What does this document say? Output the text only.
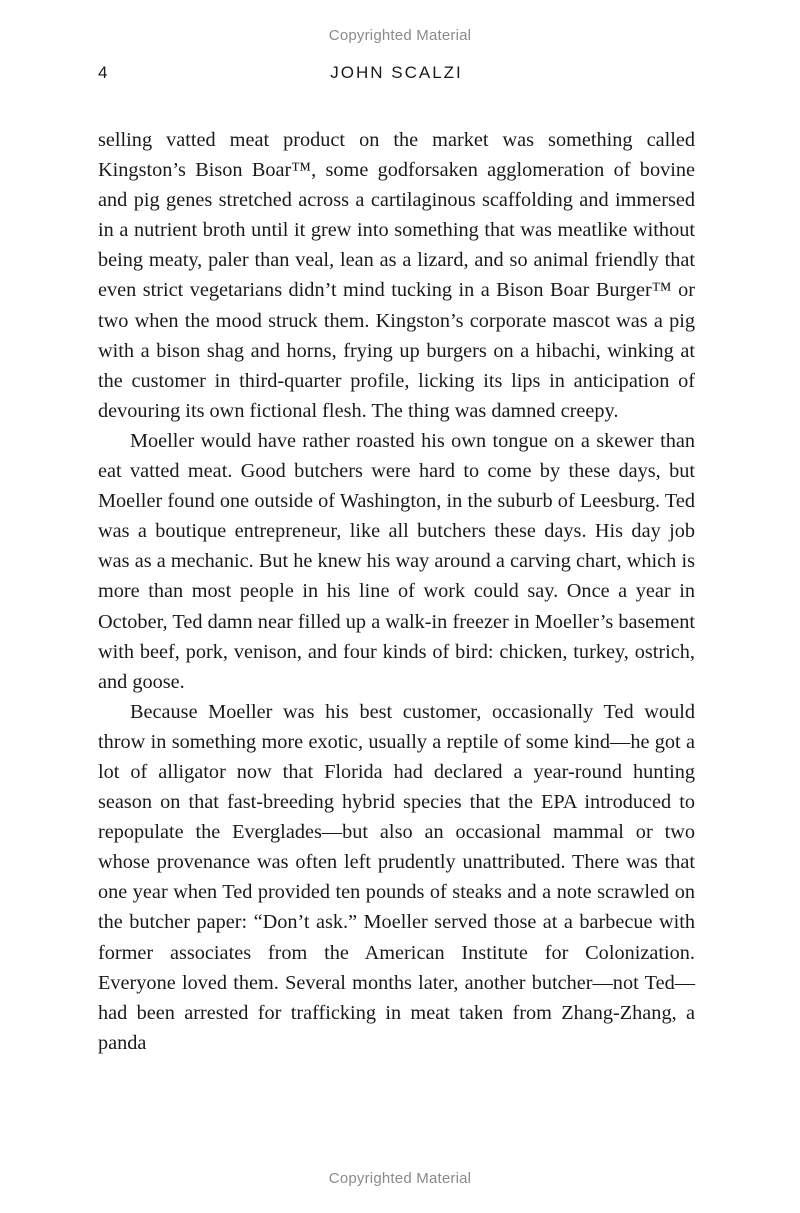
Copyrighted Material
4	JOHN SCALZI

selling vatted meat product on the market was something called Kingston’s Bison Boar™, some godforsaken agglomeration of bovine and pig genes stretched across a cartilaginous scaffolding and immersed in a nutrient broth until it grew into something that was meatlike without being meaty, paler than veal, lean as a lizard, and so animal friendly that even strict vegetarians didn’t mind tucking in a Bison Boar Burger™ or two when the mood struck them. Kingston’s corporate mascot was a pig with a bison shag and horns, frying up burgers on a hibachi, winking at the customer in third-quarter profile, licking its lips in anticipation of devouring its own fictional flesh. The thing was damned creepy.

Moeller would have rather roasted his own tongue on a skewer than eat vatted meat. Good butchers were hard to come by these days, but Moeller found one outside of Washington, in the suburb of Leesburg. Ted was a boutique entrepreneur, like all butchers these days. His day job was as a mechanic. But he knew his way around a carving chart, which is more than most people in his line of work could say. Once a year in October, Ted damn near filled up a walk-in freezer in Moeller’s basement with beef, pork, venison, and four kinds of bird: chicken, turkey, ostrich, and goose.

Because Moeller was his best customer, occasionally Ted would throw in something more exotic, usually a reptile of some kind—he got a lot of alligator now that Florida had declared a year-round hunting season on that fast-breeding hybrid species that the EPA introduced to repopulate the Everglades—but also an occasional mammal or two whose provenance was often left prudently unattributed. There was that one year when Ted provided ten pounds of steaks and a note scrawled on the butcher paper: “Don’t ask.” Moeller served those at a barbecue with former associates from the American Institute for Colonization. Everyone loved them. Several months later, another butcher—not Ted—had been arrested for trafficking in meat taken from Zhang-Zhang, a panda

Copyrighted Material
